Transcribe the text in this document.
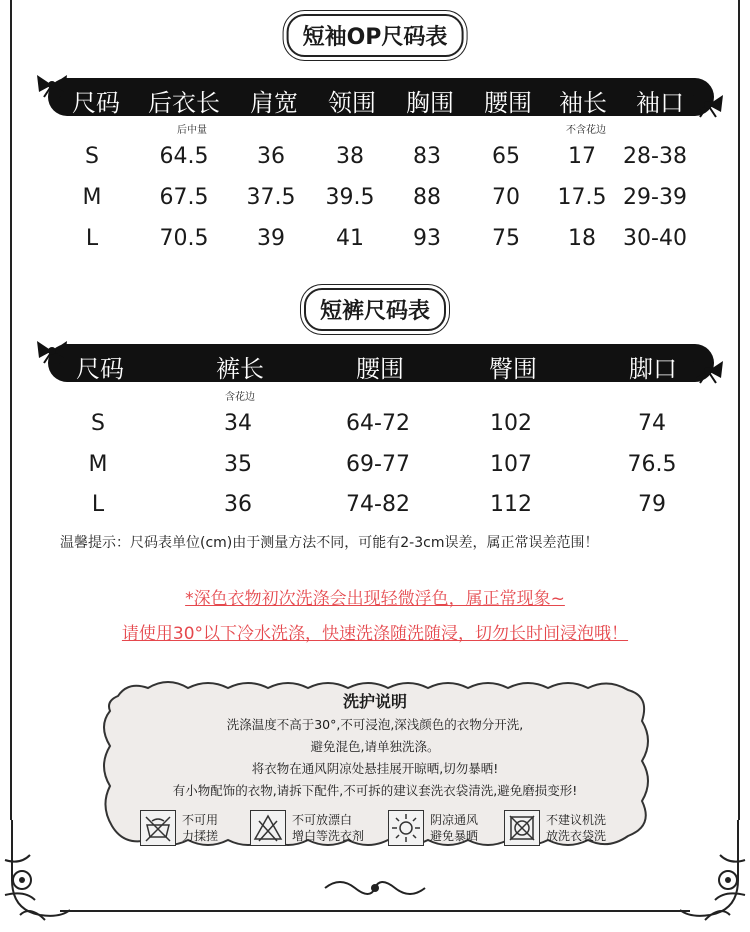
短袖OP尺码表
尺码 后衣长 肩宽 领围 胸围 腰围 袖长 袖口
后中量	不含花边
S	64.5 36 38 83 65 17 28-38
M	67.5 37.5 39.5 88 70 17.5 29-39
L	70.5 39 41 93 75 18 30-40
短裤尺码表
尺码	裤长	腰围	臀围	脚口
含花边
S	34	64-72	102	74
M	35	69-77	107	76.5
L	36	74-82	112	79
温馨提示：尺码表单位(cm)由于测量方法不同，可能有2-3cm误差，属正常误差范围！
*深色衣物初次洗涤会出现轻微浮色，属正常现象~
请使用30°以下冷水洗涤，快速洗涤随洗随浸，切勿长时间浸泡哦！
洗护说明
洗涤温度不高于30°,不可浸泡,深浅颜色的衣物分开洗,
避免混色,请单独洗涤。
将衣物在通风阴凉处悬挂展开晾晒,切勿暴晒!
有小物配饰的衣物,请拆下配件,不可拆的建议套洗衣袋清洗,避免磨损变形!
不可用
力揉搓
不可放漂白
增白等洗衣剂
阴凉通风
避免暴晒
不建议机洗
放洗衣袋洗
